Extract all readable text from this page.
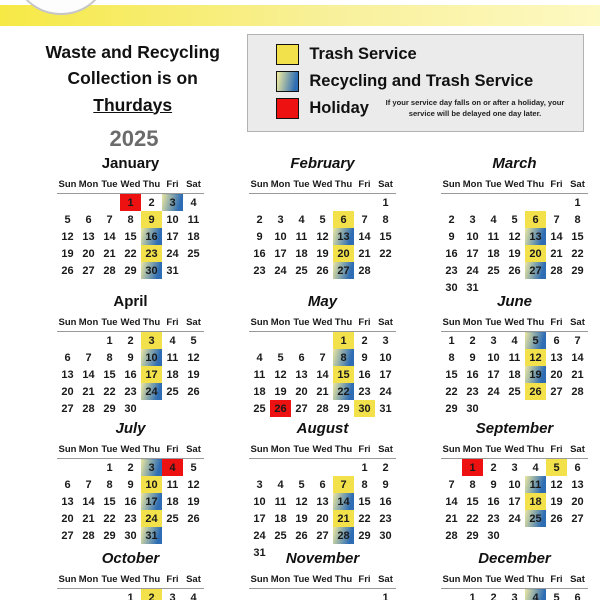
Waste and Recycling
Collection is on
Thurdays
Trash Service
Recycling and Trash Service
Holiday	If your service day falls on or after a holiday, your service will be delayed one day later.
2025
January
Sun	Mon	Tue	Wed	Thu	Fri	Sat
			1	2	3	4
5	6	7	8	9	10	11
12	13	14	15	16	17	18
19	20	21	22	23	24	25
26	27	28	29	30	31	
February
Sun	Mon	Tue	Wed	Thu	Fri	Sat
						1
2	3	4	5	6	7	8
9	10	11	12	13	14	15
16	17	18	19	20	21	22
23	24	25	26	27	28	
March
Sun	Mon	Tue	Wed	Thu	Fri	Sat
						1
2	3	4	5	6	7	8
9	10	11	12	13	14	15
16	17	18	19	20	21	22
23	24	25	26	27	28	29
30	31					
April
Sun	Mon	Tue	Wed	Thu	Fri	Sat
		1	2	3	4	5
6	7	8	9	10	11	12
13	14	15	16	17	18	19
20	21	22	23	24	25	26
27	28	29	30			
May
Sun	Mon	Tue	Wed	Thu	Fri	Sat
				1	2	3
4	5	6	7	8	9	10
11	12	13	14	15	16	17
18	19	20	21	22	23	24
25	26	27	28	29	30	31
June
Sun	Mon	Tue	Wed	Thu	Fri	Sat
1	2	3	4	5	6	7
8	9	10	11	12	13	14
15	16	17	18	19	20	21
22	23	24	25	26	27	28
29	30					
July
Sun	Mon	Tue	Wed	Thu	Fri	Sat
		1	2	3	4	5
6	7	8	9	10	11	12
13	14	15	16	17	18	19
20	21	22	23	24	25	26
27	28	29	30	31		
August
Sun	Mon	Tue	Wed	Thu	Fri	Sat
					1	2
3	4	5	6	7	8	9
10	11	12	13	14	15	16
17	18	19	20	21	22	23
24	25	26	27	28	29	30
31						
September
Sun	Mon	Tue	Wed	Thu	Fri	Sat
	1	2	3	4	5	6
7	8	9	10	11	12	13
14	15	16	17	18	19	20
21	22	23	24	25	26	27
28	29	30				
October
Sun	Mon	Tue	Wed	Thu	Fri	Sat
			1	2	3	4
November
Sun	Mon	Tue	Wed	Thu	Fri	Sat
						1
December
Sun	Mon	Tue	Wed	Thu	Fri	Sat
	1	2	3	4	5	6
